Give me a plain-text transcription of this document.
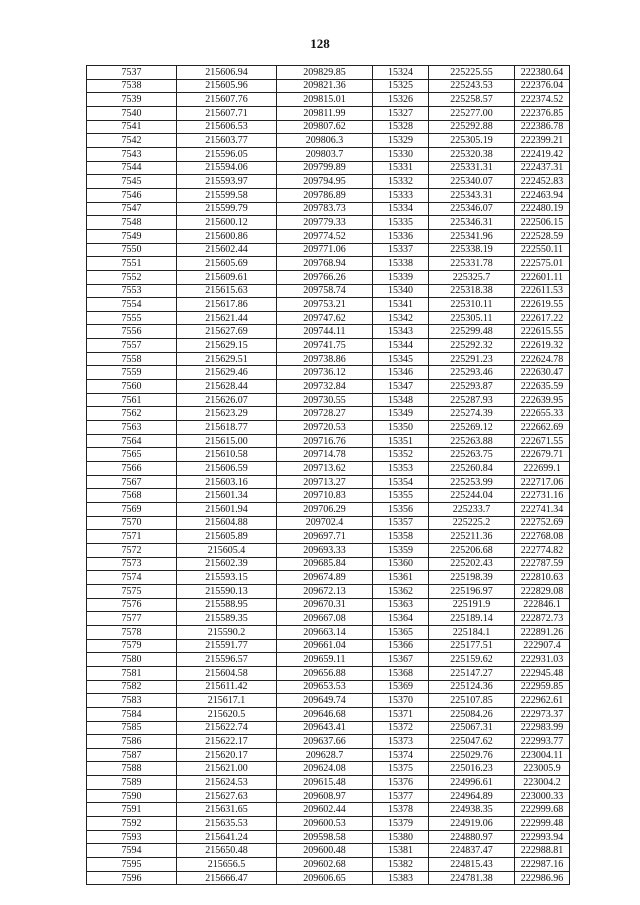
128
7537	215606.94	209829.85	15324	225225.55	222380.64
7538	215605.96	209821.36	15325	225243.53	222376.04
7539	215607.76	209815.01	15326	225258.57	222374.52
7540	215607.71	209811.99	15327	225277.00	222376.85
7541	215606.53	209807.62	15328	225292.88	222386.78
7542	215603.77	209806.3	15329	225305.19	222399.21
7543	215596.05	209803.7	15330	225320.38	222419.42
7544	215594.06	209799.89	15331	225331.31	222437.31
7545	215593.97	209794.95	15332	225340.07	222452.83
7546	215599.58	209786.89	15333	225343.31	222463.94
7547	215599.79	209783.73	15334	225346.07	222480.19
7548	215600.12	209779.33	15335	225346.31	222506.15
7549	215600.86	209774.52	15336	225341.96	222528.59
7550	215602.44	209771.06	15337	225338.19	222550.11
7551	215605.69	209768.94	15338	225331.78	222575.01
7552	215609.61	209766.26	15339	225325.7	222601.11
7553	215615.63	209758.74	15340	225318.38	222611.53
7554	215617.86	209753.21	15341	225310.11	222619.55
7555	215621.44	209747.62	15342	225305.11	222617.22
7556	215627.69	209744.11	15343	225299.48	222615.55
7557	215629.15	209741.75	15344	225292.32	222619.32
7558	215629.51	209738.86	15345	225291.23	222624.78
7559	215629.46	209736.12	15346	225293.46	222630.47
7560	215628.44	209732.84	15347	225293.87	222635.59
7561	215626.07	209730.55	15348	225287.93	222639.95
7562	215623.29	209728.27	15349	225274.39	222655.33
7563	215618.77	209720.53	15350	225269.12	222662.69
7564	215615.00	209716.76	15351	225263.88	222671.55
7565	215610.58	209714.78	15352	225263.75	222679.71
7566	215606.59	209713.62	15353	225260.84	222699.1
7567	215603.16	209713.27	15354	225253.99	222717.06
7568	215601.34	209710.83	15355	225244.04	222731.16
7569	215601.94	209706.29	15356	225233.7	222741.34
7570	215604.88	209702.4	15357	225225.2	222752.69
7571	215605.89	209697.71	15358	225211.36	222768.08
7572	215605.4	209693.33	15359	225206.68	222774.82
7573	215602.39	209685.84	15360	225202.43	222787.59
7574	215593.15	209674.89	15361	225198.39	222810.63
7575	215590.13	209672.13	15362	225196.97	222829.08
7576	215588.95	209670.31	15363	225191.9	222846.1
7577	215589.35	209667.08	15364	225189.14	222872.73
7578	215590.2	209663.14	15365	225184.1	222891.26
7579	215591.77	209661.04	15366	225177.51	222907.4
7580	215596.57	209659.11	15367	225159.62	222931.03
7581	215604.58	209656.88	15368	225147.27	222945.48
7582	215611.42	209653.53	15369	225124.36	222959.85
7583	215617.1	209649.74	15370	225107.85	222962.61
7584	215620.5	209646.68	15371	225084.26	222973.37
7585	215622.74	209643.41	15372	225067.31	222983.99
7586	215622.17	209637.66	15373	225047.62	222993.77
7587	215620.17	209628.7	15374	225029.76	223004.11
7588	215621.00	209624.08	15375	225016.23	223005.9
7589	215624.53	209615.48	15376	224996.61	223004.2
7590	215627.63	209608.97	15377	224964.89	223000.33
7591	215631.65	209602.44	15378	224938.35	222999.68
7592	215635.53	209600.53	15379	224919.06	222999.48
7593	215641.24	209598.58	15380	224880.97	222993.94
7594	215650.48	209600.48	15381	224837.47	222988.81
7595	215656.5	209602.68	15382	224815.43	222987.16
7596	215666.47	209606.65	15383	224781.38	222986.96
